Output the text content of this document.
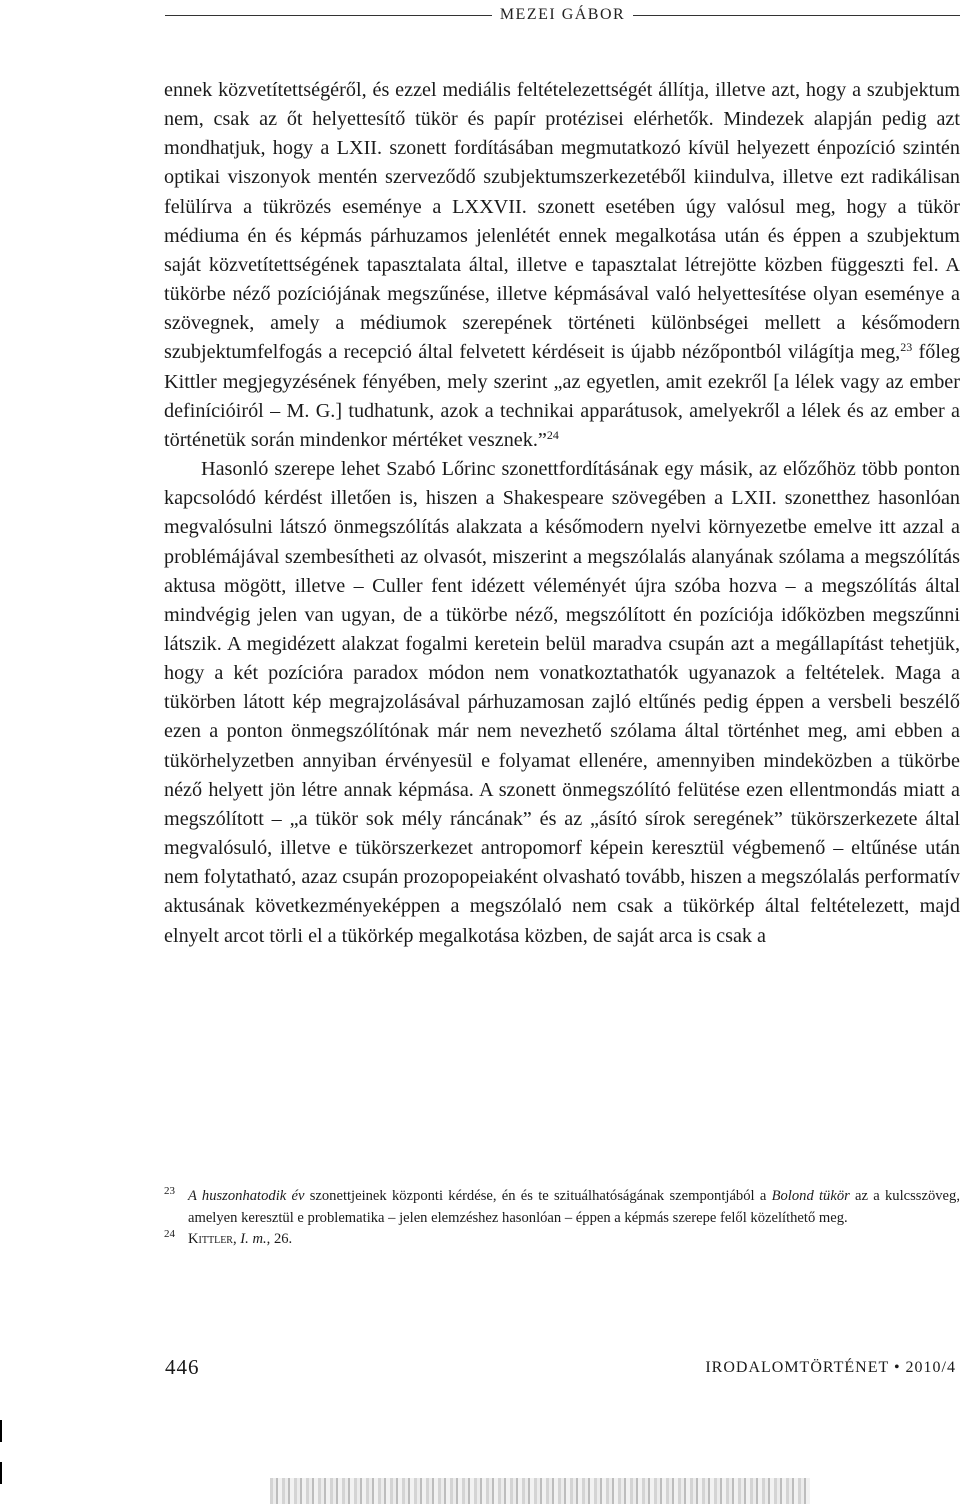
MEZEI GÁBOR

ennek közvetítettségéről, és ezzel mediális feltételezettségét állítja, illetve azt, hogy a szubjektum nem, csak az őt helyettesítő tükör és papír protézisei elérhetők. Mindezek alapján pedig azt mondhatjuk, hogy a LXII. szonett fordításában megmutatkozó kívül helyezett énpozíció szintén optikai viszonyok mentén szerveződő szubjektumszerkezetéből kiindulva, illetve ezt radikálisan felülírva a tükrözés eseménye a LXXVII. szonett esetében úgy valósul meg, hogy a tükör médiuma én és képmás párhuzamos jelenlétét ennek megalkotása után és éppen a szubjektum saját közvetítettségének tapasztalata által, illetve e tapasztalat létrejötte közben függeszti fel. A tükörbe néző pozíciójának megszűnése, illetve képmásával való helyettesítése olyan eseménye a szövegnek, amely a médiumok szerepének történeti különbségei mellett a későmodern szubjektumfelfogás a recepció által felvetett kérdéseit is újabb nézőpontból világítja meg,$^{23}$ főleg Kittler megjegyzésének fényében, mely szerint „az egyetlen, amit ezekről [a lélek vagy az ember definícióiról – M. G.] tudhatunk, azok a technikai apparátusok, amelyekről a lélek és az ember a történetük során mindenkor mértéket vesznek.”$^{24}$

Hasonló szerepe lehet Szabó Lőrinc szonettfordításának egy másik, az előzőhöz több ponton kapcsolódó kérdést illetően is, hiszen a Shakespeare szövegében a LXII. szonetthez hasonlóan megvalósulni látszó önmegszólítás alakzata a későmodern nyelvi környezetbe emelve itt azzal a problémájával szembesítheti az olvasót, miszerint a megszólalás alanyának szólama a megszólítás aktusa mögött, illetve – Culler fent idézett véleményét újra szóba hozva – a megszólítás által mindvégig jelen van ugyan, de a tükörbe néző, megszólított én pozíciója időközben megszűnni látszik. A megidézett alakzat fogalmi keretein belül maradva csupán azt a megállapítást tehetjük, hogy a két pozícióra paradox módon nem vonatkoztathatók ugyanazok a feltételek. Maga a tükörben látott kép megrajzolásával párhuzamosan zajló eltűnés pedig éppen a versbeli beszélő ezen a ponton önmegszólítónak már nem nevezhető szólama által történhet meg, ami ebben a tükörhelyzetben annyiban érvényesül e folyamat ellenére, amennyiben mindeközben a tükörbe néző helyett jön létre annak képmása. A szonett önmegszólító felütése ezen ellentmondás miatt a megszólított – „a tükör sok mély ráncának” és az „ásító sírok seregének” tükörszerkezete által megvalósuló, illetve e tükörszerkezet antropomorf képein keresztül végbemenő – eltűnése után nem folytatható, azaz csupán prozopopeiaként olvasható tovább, hiszen a megszólalás performatív aktusának következményeképpen a megszólaló nem csak a tükörkép által feltételezett, majd elnyelt arcot törli el a tükörkép megalkotása közben, de saját arca is csak a

23 A huszonhatodik év szonettjeinek központi kérdése, én és te szituálhatóságának szempontjából a Bolond tükör az a kulcsszöveg, amelyen keresztül e problematika – jelen elemzéshez hasonlóan – éppen a képmás szerepe felől közelíthető meg.
24 Kittler, I. m., 26.
446	IRODALOMTÖRTÉNET • 2010/4
